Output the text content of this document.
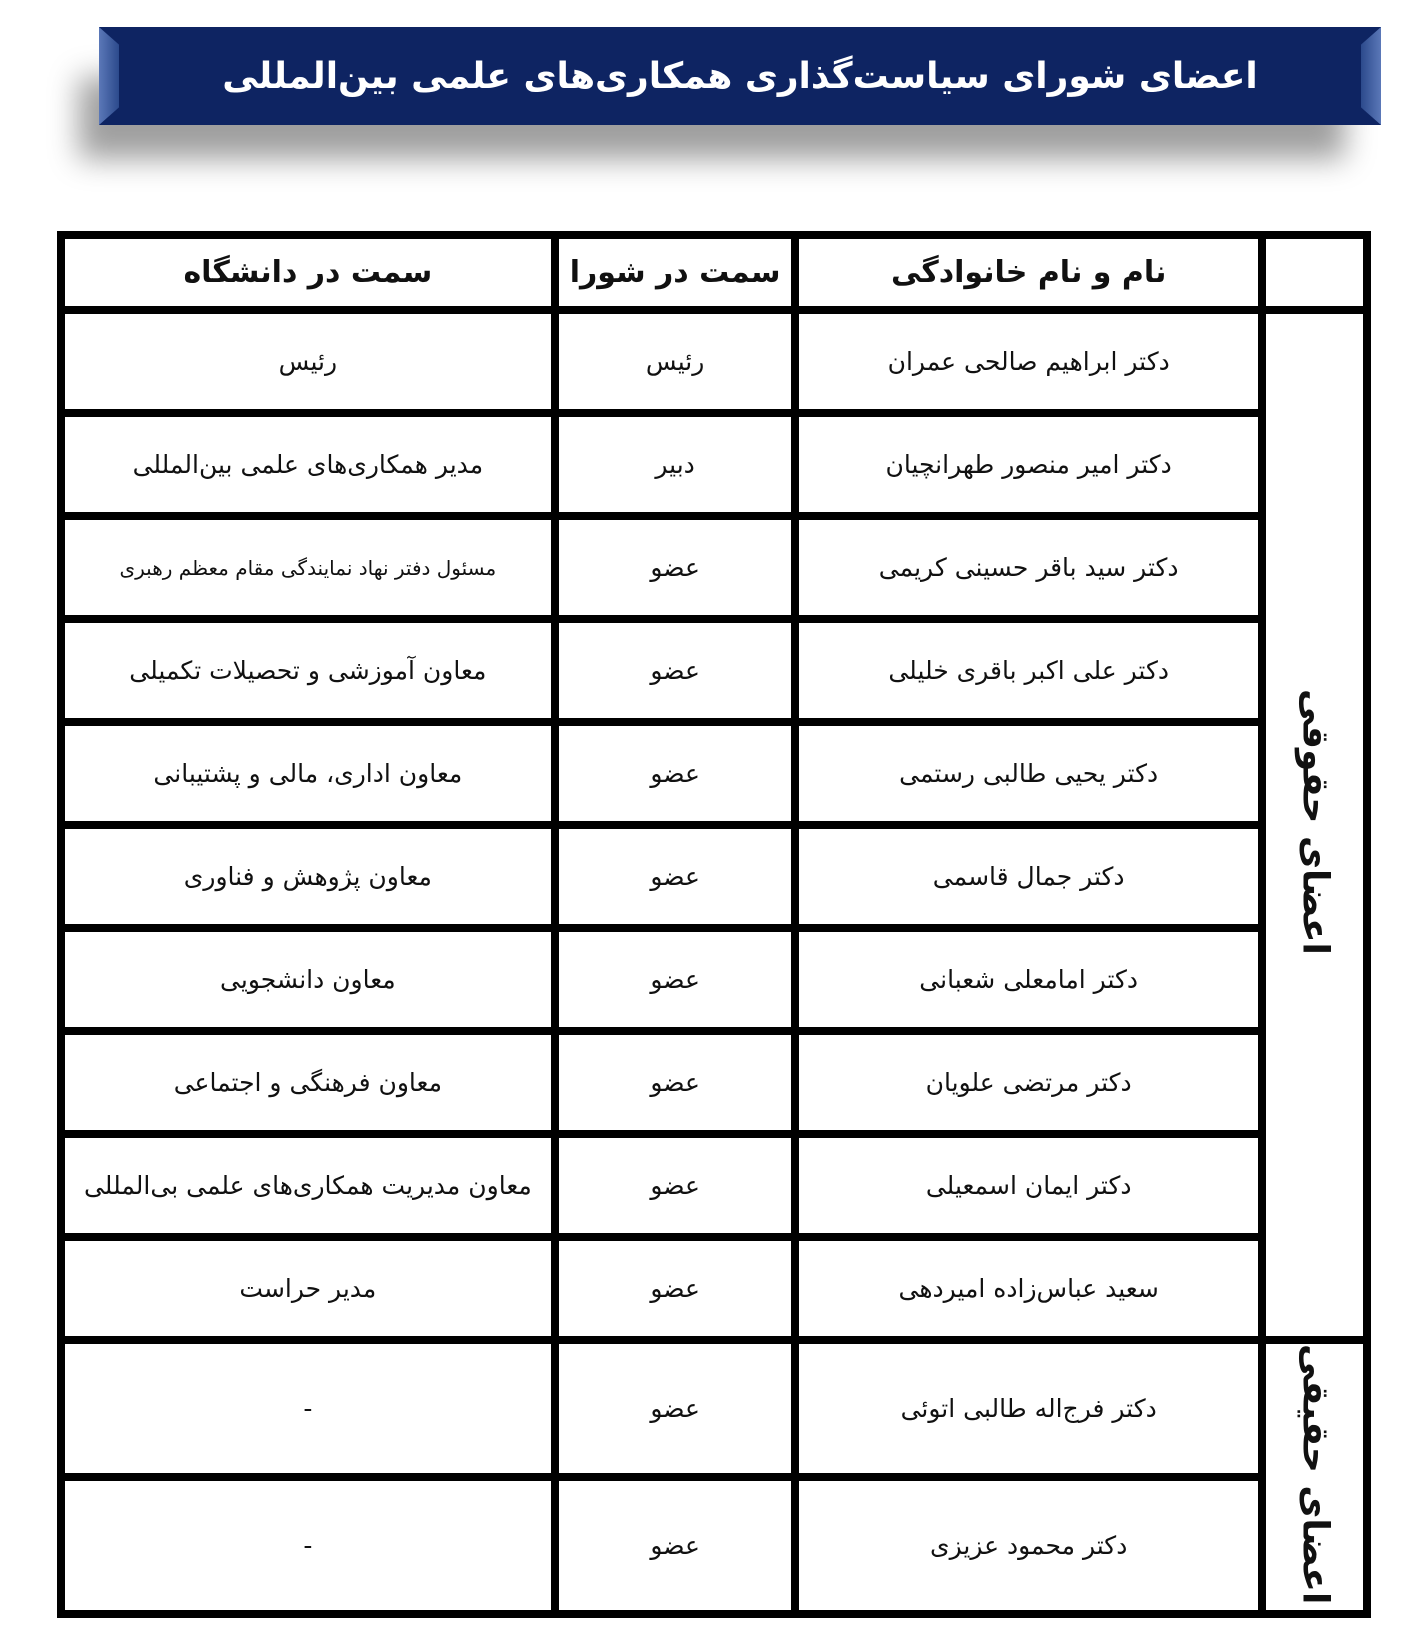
اعضای شورای سیاست‌گذاری همکاری‌های علمی بین‌المللی
	نام و نام خانوادگی	سمت در شورا	سمت در دانشگاه
اعضای حقوقی	دکتر ابراهیم صالحی عمران	رئیس	رئیس
	دکتر امیر منصور طهرانچیان	دبیر	مدیر همکاری‌های علمی بین‌المللی
	دکتر سید باقر حسینی کریمی	عضو	مسئول دفتر نهاد نمایندگی مقام معظم رهبری
	دکتر علی اکبر باقری خلیلی	عضو	معاون آموزشی و تحصیلات تکمیلی
	دکتر یحیی طالبی رستمی	عضو	معاون اداری، مالی و پشتیبانی
	دکتر جمال قاسمی	عضو	معاون پژوهش و فناوری
	دکتر امامعلی شعبانی	عضو	معاون دانشجویی
	دکتر مرتضی علویان	عضو	معاون فرهنگی و اجتماعی
	دکتر ایمان اسمعیلی	عضو	معاون مدیریت همکاری‌های علمی بی‌المللی
	سعید عباس‌زاده امیردهی	عضو	مدیر حراست
اعضای حقیقی	دکتر فرج‌اله طالبی اتوئی	عضو	-
	دکتر محمود عزیزی	عضو	-
